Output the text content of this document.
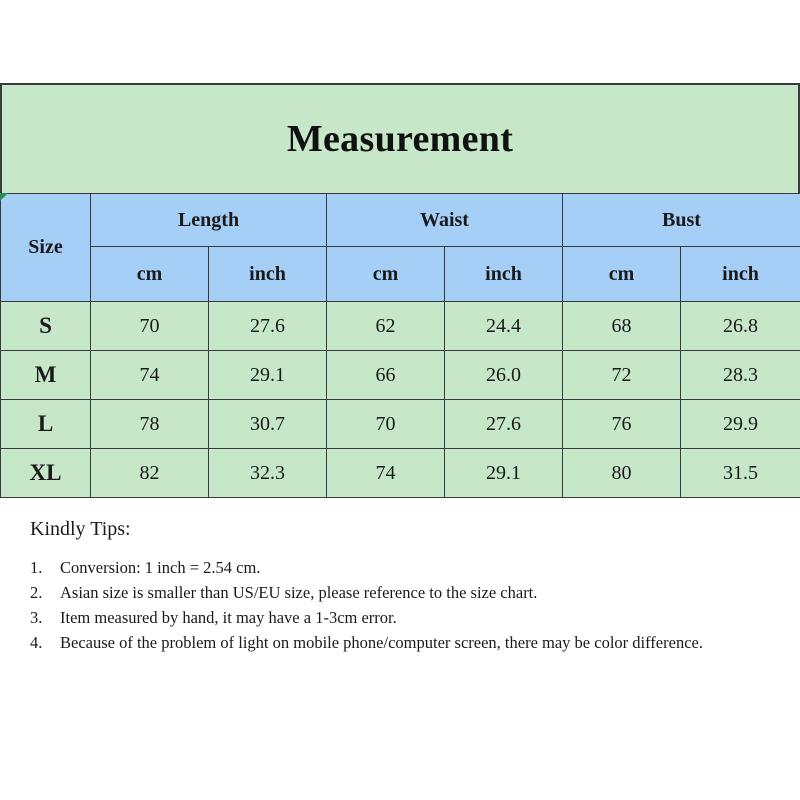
Measurement
Size	Length		Waist		Bust	
	cm	inch	cm	inch	cm	inch
S	70	27.6	62	24.4	68	26.8
M	74	29.1	66	26.0	72	28.3
L	78	30.7	70	27.6	76	29.9
XL	82	32.3	74	29.1	80	31.5

Kindly Tips:

1.	Conversion: 1 inch = 2.54 cm.
2.	Asian size is smaller than US/EU size, please reference to the size chart.
3.	Item measured by hand, it may have a 1-3cm error.
4.	Because of the problem of light on mobile phone/computer screen, there may be color difference.
